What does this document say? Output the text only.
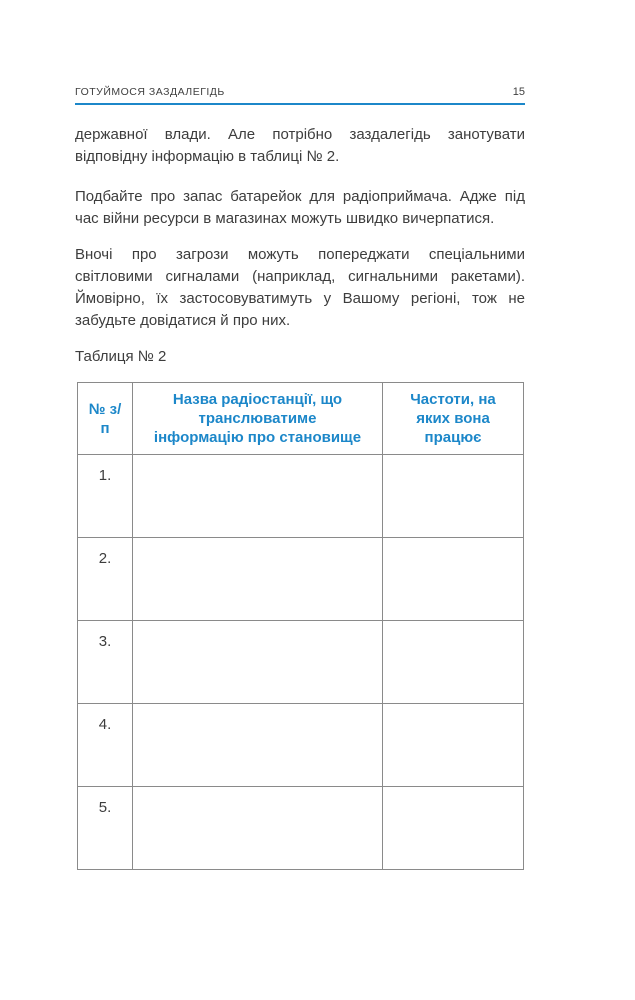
ГОТУЙМОСЯ ЗАЗДАЛЕГІДЬ	15

державної влади. Але потрібно заздалегідь занотувати відповідну інформацію в таблиці № 2.

Подбайте про запас батарейок для радіоприймача. Адже під час війни ресурси в магазинах можуть швидко вичерпатися.

Вночі про загрози можуть попереджати спеціальними світловими сигналами (наприклад, сигнальними ракетами). Ймовірно, їх застосовуватимуть у Вашому регіоні, тож не забудьте довідатися й про них.

Таблиця № 2
№ з/п	Назва радіостанції, що транслюватиме інформацію про становище	Частоти, на яких вона працює
1.		
2.		
3.		
4.		
5.		
